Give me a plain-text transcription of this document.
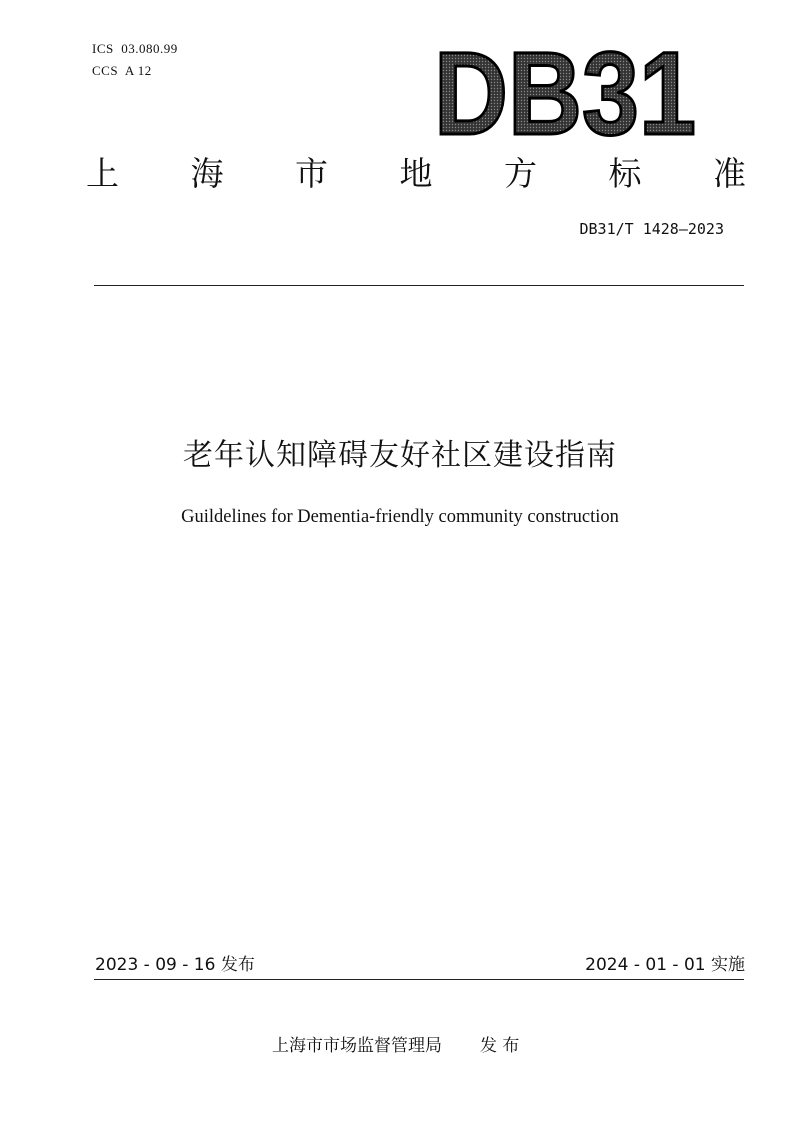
ICS  03.080.99
CCS  A 12 DB31
上 海 市 地 方 标 准
DB31/T 1428—2023
老年认知障碍友好社区建设指南
Guildelines for Dementia-friendly community construction
2023 - 09 - 16 发布	2024 - 01 - 01 实施
上海市市场监督管理局 发 布
